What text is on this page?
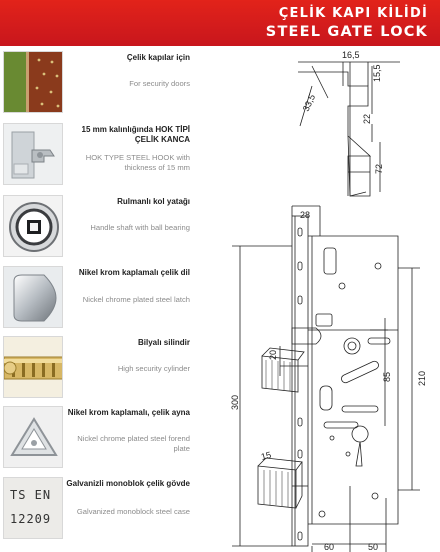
ÇELİK KAPI KİLİDİ
STEEL GATE LOCK
Çelik kapılar için
For security doors
15 mm kalınlığında HOK TİPİ ÇELİK KANCA
HOK TYPE STEEL HOOK with thickness of 15 mm
Rulmanlı kol yatağı
Handle shaft with ball bearing
Nikel krom kaplamalı çelik dil
Nickel chrome plated steel latch
Bilyalı silindir
High security cylinder
Nikel krom kaplamalı, çelik ayna
Nickel chrome plated steel forend plate
TS EN
12209
Galvanizli monoblok çelik gövde
Galvanized monoblock steel case
16,5
15,5
33,5
22
72
28
300
210
20
85
15
60	50
